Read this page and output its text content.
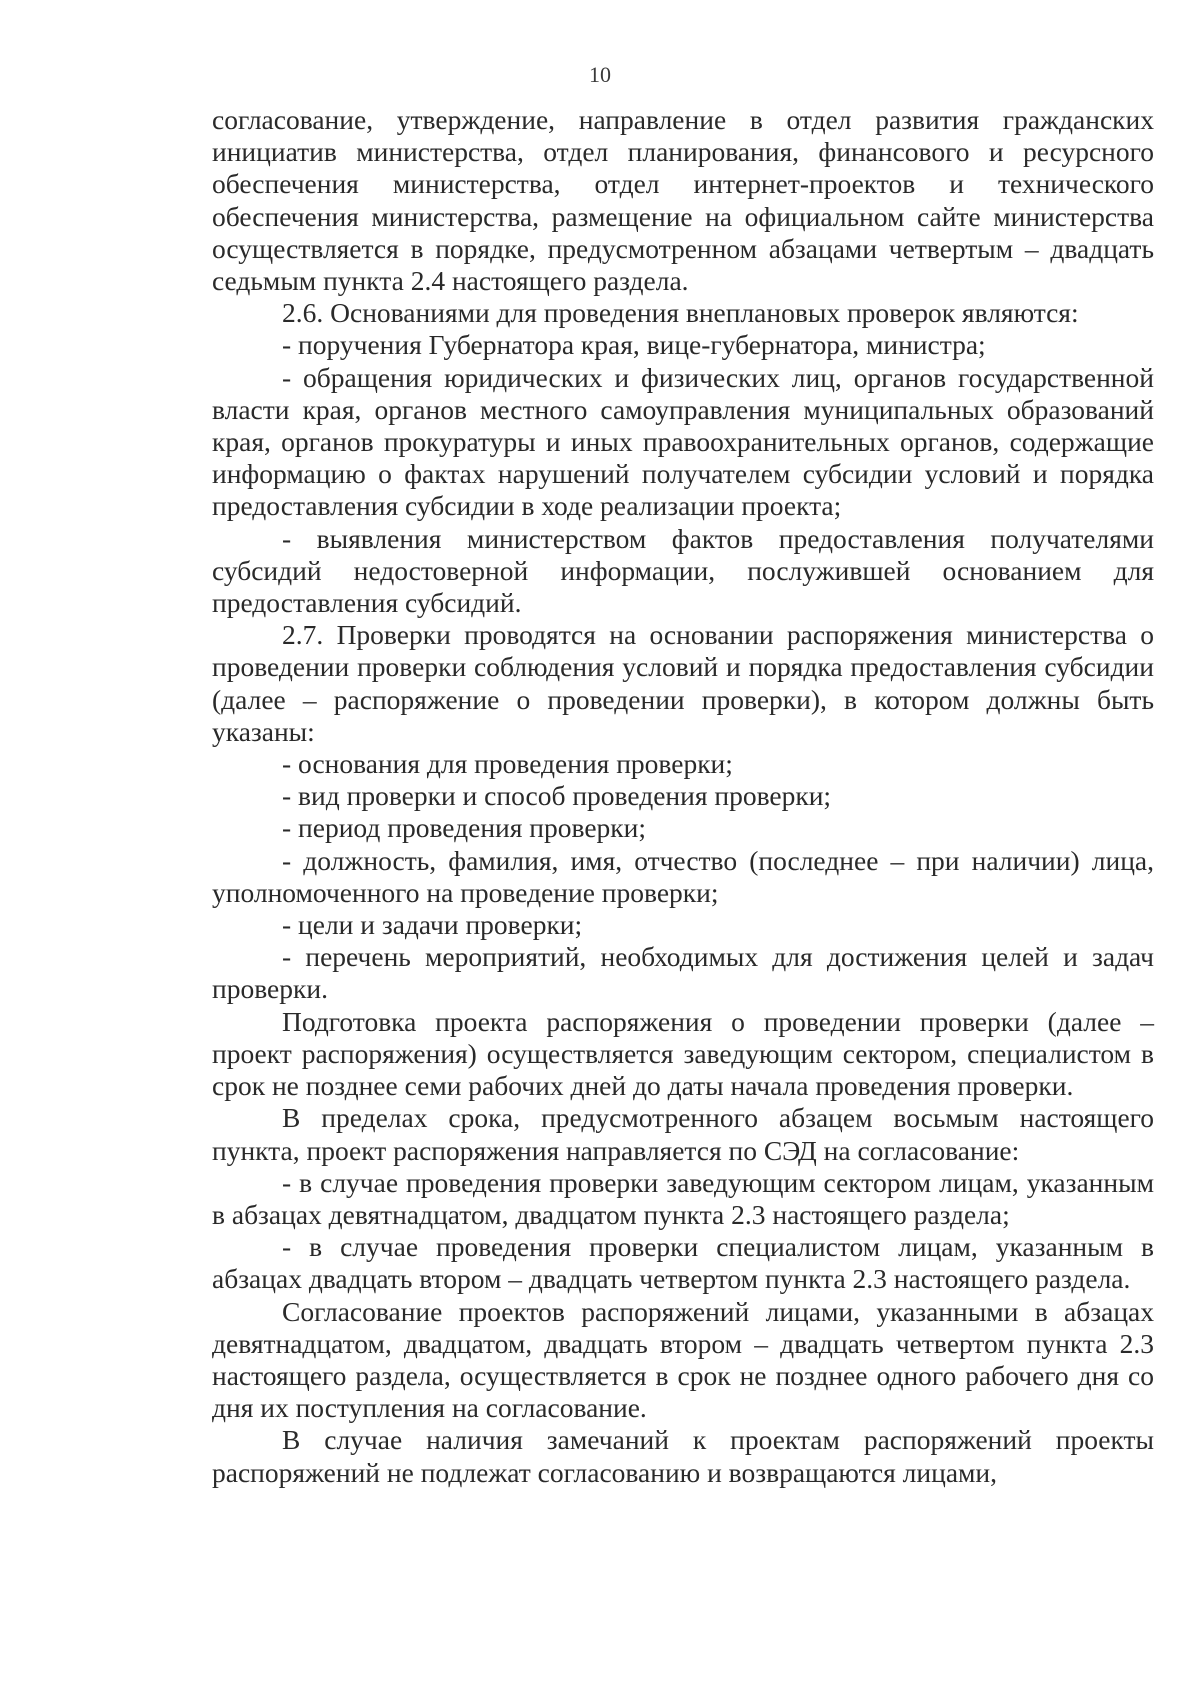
10

согласование, утверждение, направление в отдел развития гражданских инициатив министерства, отдел планирования, финансового и ресурсного обеспечения министерства, отдел интернет-проектов и технического обеспечения министерства, размещение на официальном сайте министерства осуществляется в порядке, предусмотренном абзацами четвертым – двадцать седьмым пункта 2.4 настоящего раздела.

2.6. Основаниями для проведения внеплановых проверок являются:

- поручения Губернатора края, вице-губернатора, министра;

- обращения юридических и физических лиц, органов государственной власти края, органов местного самоуправления муниципальных образований края, органов прокуратуры и иных правоохранительных органов, содержащие информацию о фактах нарушений получателем субсидии условий и порядка предоставления субсидии в ходе реализации проекта;

- выявления министерством фактов предоставления получателями субсидий недостоверной информации, послужившей основанием для предоставления субсидий.

2.7. Проверки проводятся на основании распоряжения министерства о проведении проверки соблюдения условий и порядка предоставления субсидии (далее – распоряжение о проведении проверки), в котором должны быть указаны:

- основания для проведения проверки;

- вид проверки и способ проведения проверки;

- период проведения проверки;

- должность, фамилия, имя, отчество (последнее – при наличии) лица, уполномоченного на проведение проверки;

- цели и задачи проверки;

- перечень мероприятий, необходимых для достижения целей и задач проверки.

Подготовка проекта распоряжения о проведении проверки (далее – проект распоряжения) осуществляется заведующим сектором, специалистом в срок не позднее семи рабочих дней до даты начала проведения проверки.

В пределах срока, предусмотренного абзацем восьмым настоящего пункта, проект распоряжения направляется по СЭД на согласование:

- в случае проведения проверки заведующим сектором лицам, указанным в абзацах девятнадцатом, двадцатом пункта 2.3 настоящего раздела;

- в случае проведения проверки специалистом лицам, указанным в абзацах двадцать втором – двадцать четвертом пункта 2.3 настоящего раздела.

Согласование проектов распоряжений лицами, указанными в абзацах девятнадцатом, двадцатом, двадцать втором – двадцать четвертом пункта 2.3 настоящего раздела, осуществляется в срок не позднее одного рабочего дня со дня их поступления на согласование.

В случае наличия замечаний к проектам распоряжений проекты распоряжений не подлежат согласованию и возвращаются лицами,
